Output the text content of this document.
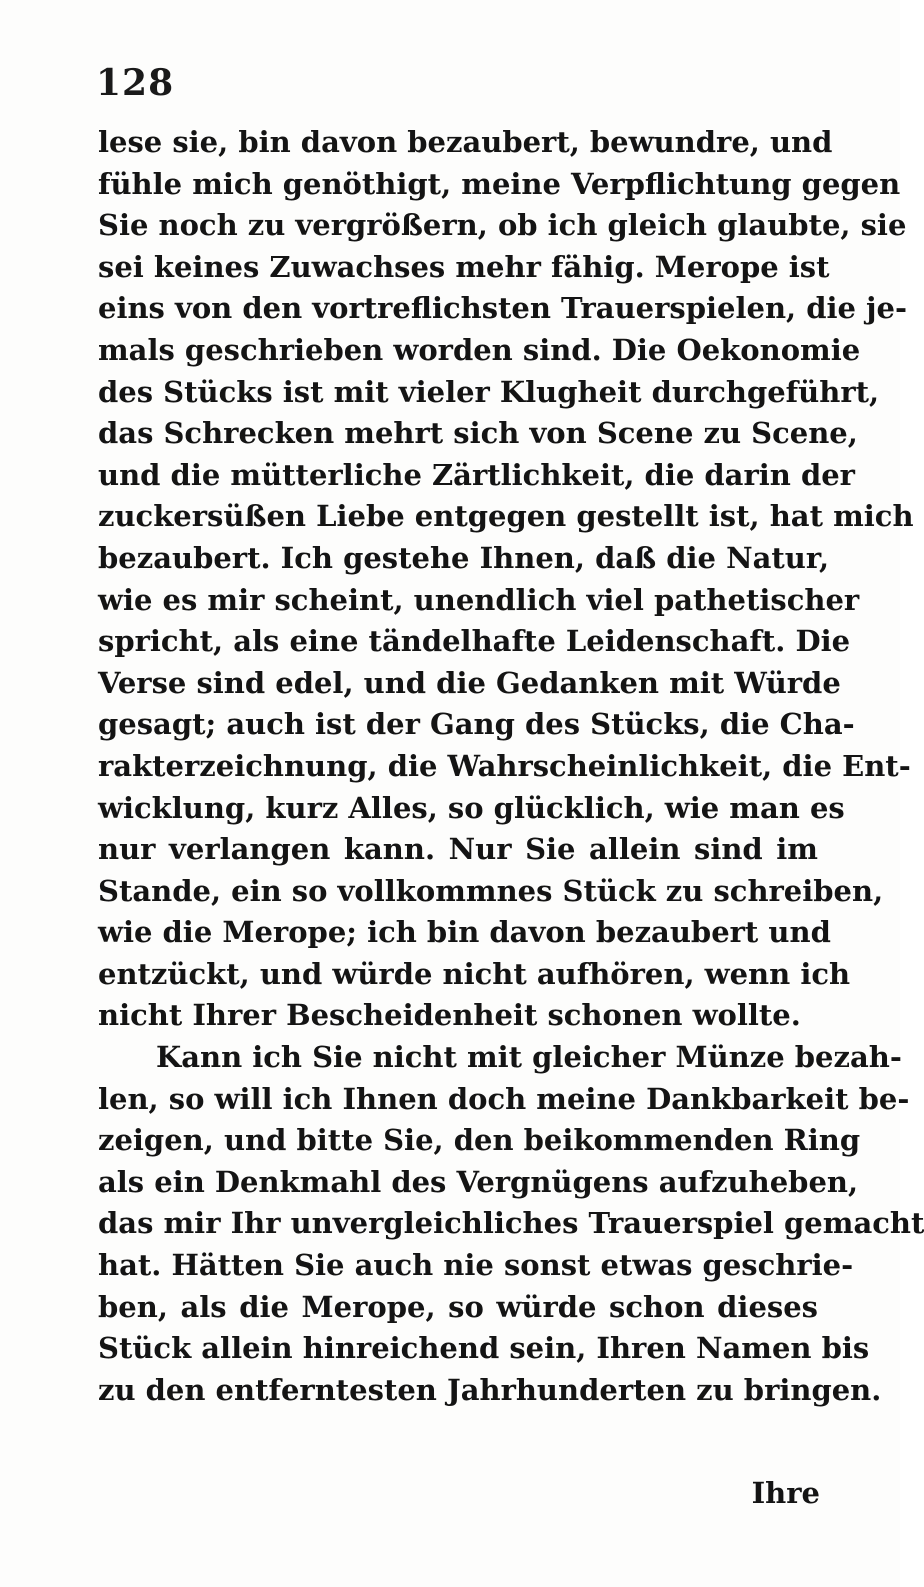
128
lese sie, bin davon bezaubert, bewundre, und
fühle mich genöthigt, meine Verpflichtung gegen
Sie noch zu vergrößern, ob ich gleich glaubte, sie
sei keines Zuwachses mehr fähig. Merope ist
eins von den vortreflichsten Trauerspielen, die je-
mals geschrieben worden sind. Die Oekonomie
des Stücks ist mit vieler Klugheit durchgeführt,
das Schrecken mehrt sich von Scene zu Scene,
und die mütterliche Zärtlichkeit, die darin der
zuckersüßen Liebe entgegen gestellt ist, hat mich
bezaubert. Ich gestehe Ihnen, daß die Natur,
wie es mir scheint, unendlich viel pathetischer
spricht, als eine tändelhafte Leidenschaft. Die
Verse sind edel, und die Gedanken mit Würde
gesagt; auch ist der Gang des Stücks, die Cha-
rakterzeichnung, die Wahrscheinlichkeit, die Ent-
wicklung, kurz Alles, so glücklich, wie man es
nur verlangen kann. Nur Sie allein sind im
Stande, ein so vollkommnes Stück zu schreiben,
wie die Merope; ich bin davon bezaubert und
entzückt, und würde nicht aufhören, wenn ich
nicht Ihrer Bescheidenheit schonen wollte.
Kann ich Sie nicht mit gleicher Münze bezah-
len, so will ich Ihnen doch meine Dankbarkeit be-
zeigen, und bitte Sie, den beikommenden Ring
als ein Denkmahl des Vergnügens aufzuheben,
das mir Ihr unvergleichliches Trauerspiel gemacht
hat. Hätten Sie auch nie sonst etwas geschrie-
ben, als die Merope, so würde schon dieses
Stück allein hinreichend sein, Ihren Namen bis
zu den entferntesten Jahrhunderten zu bringen.
Ihre
